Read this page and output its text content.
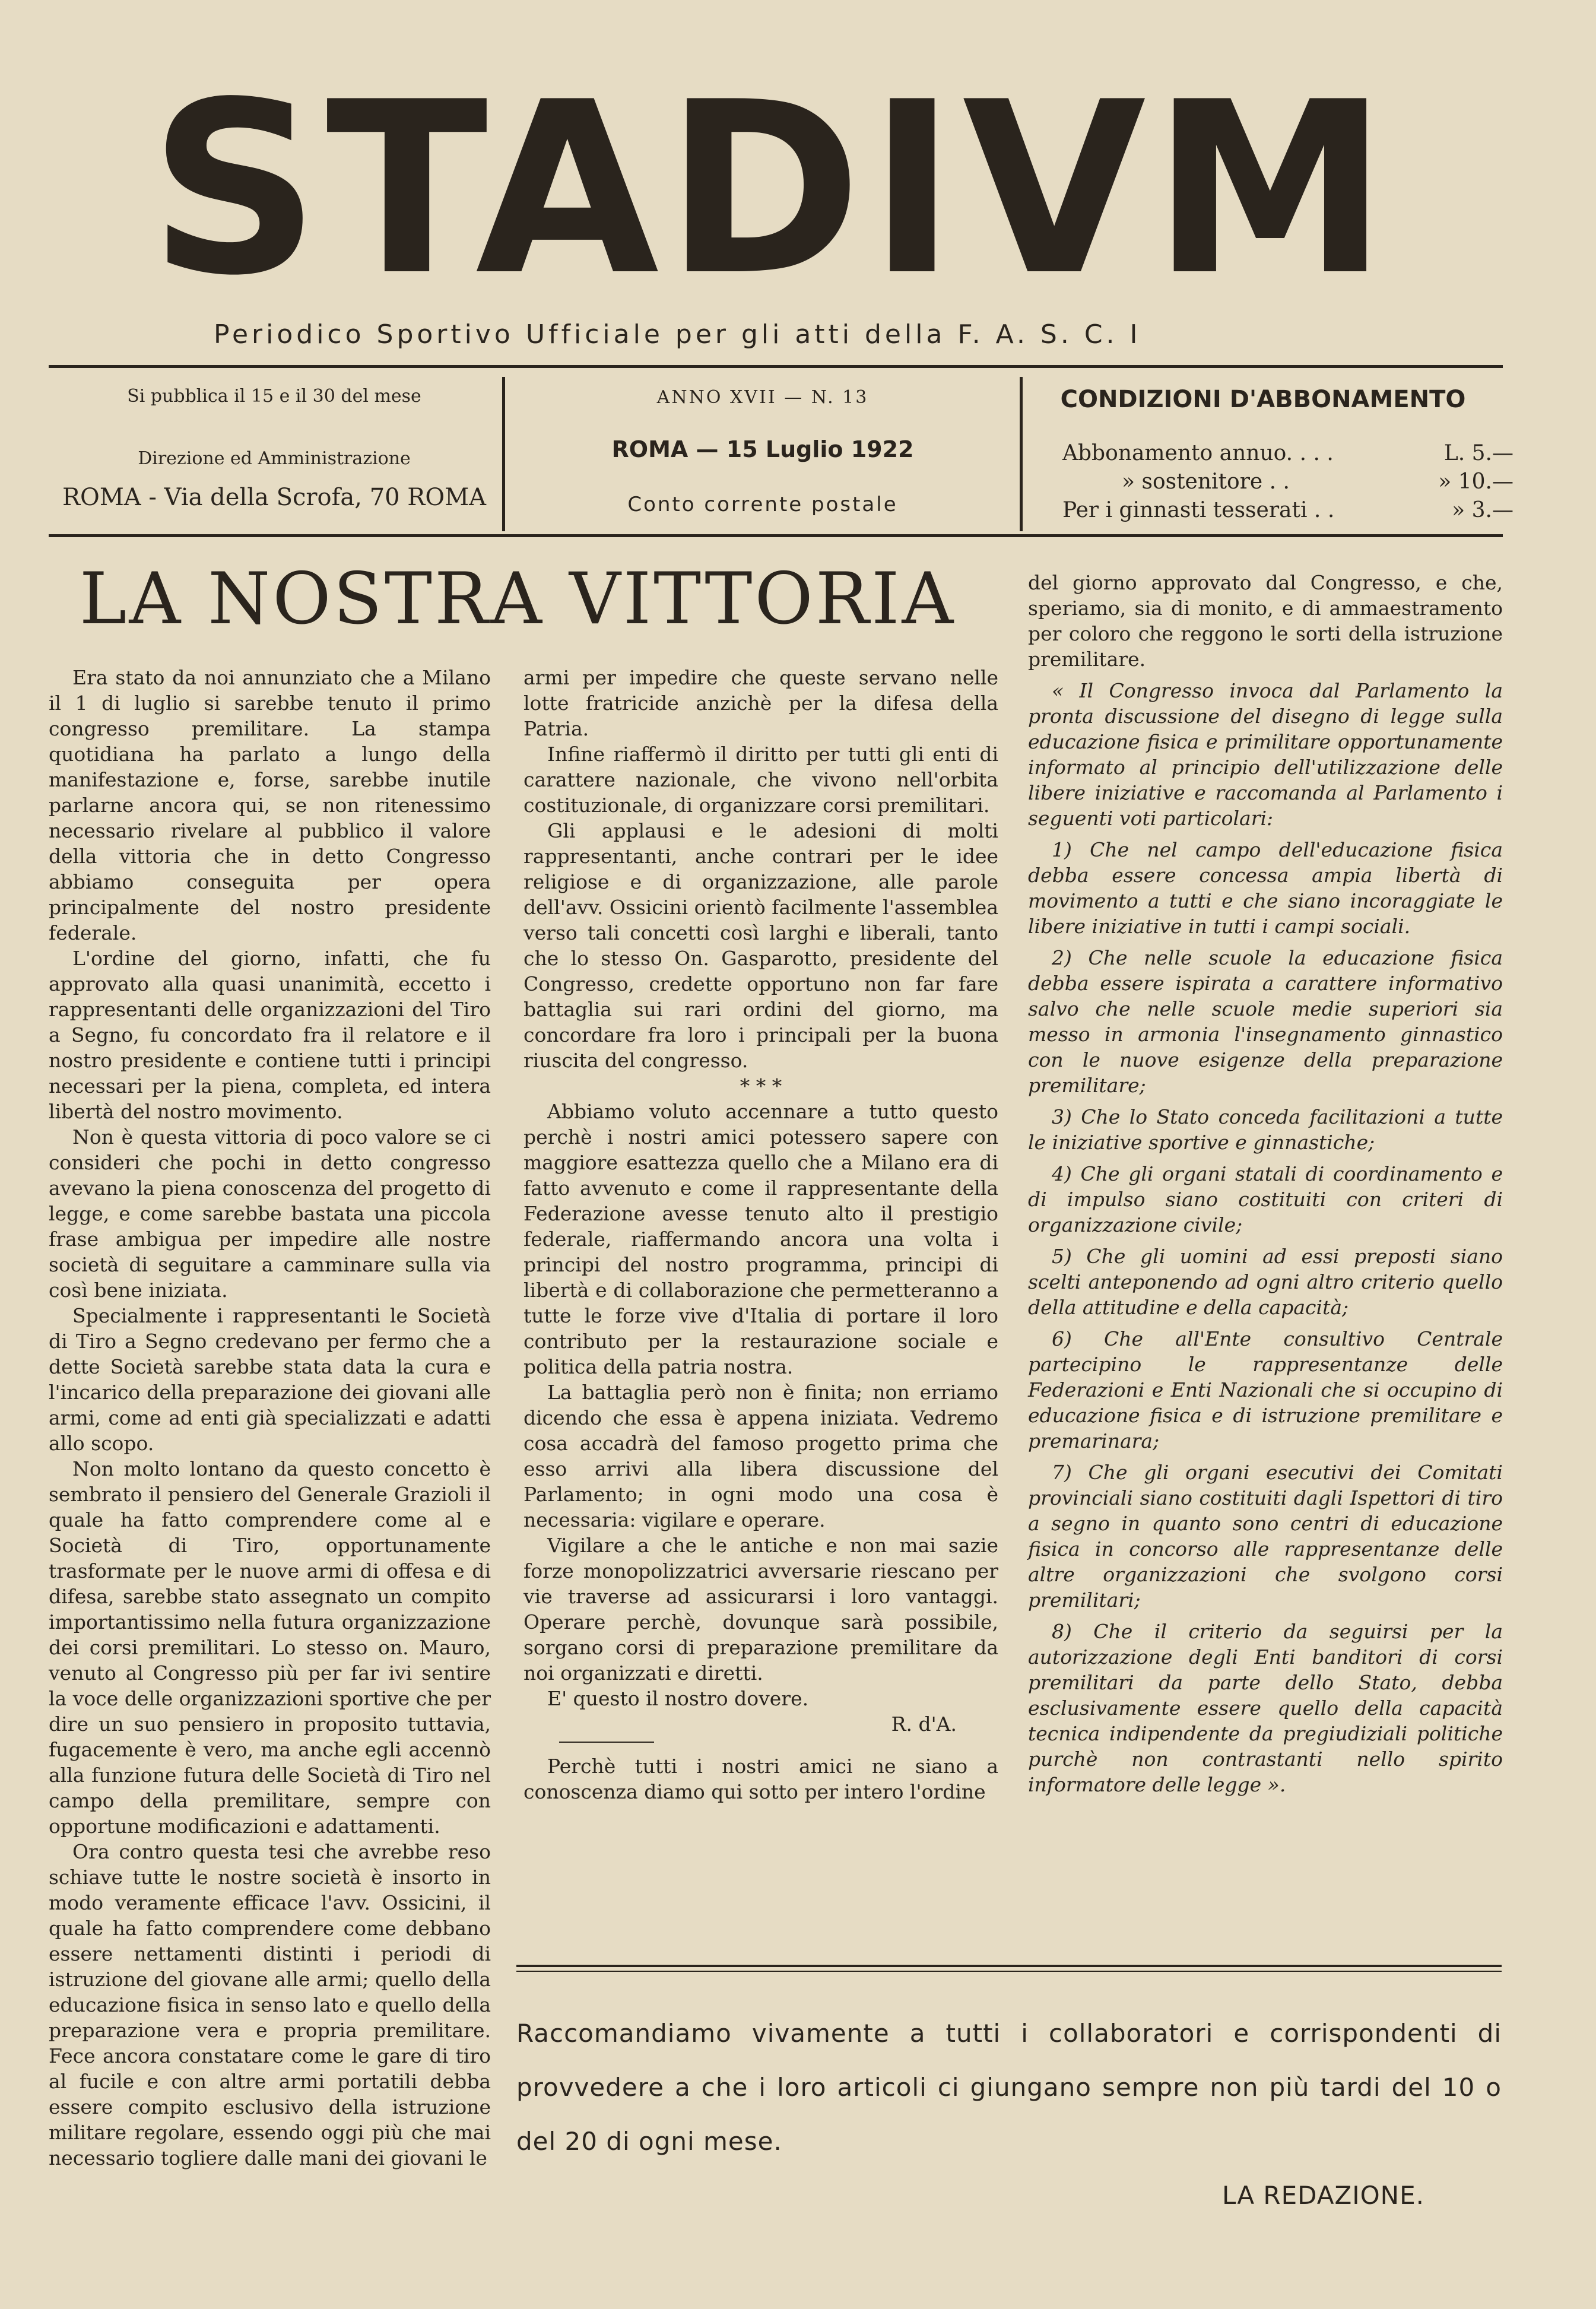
STADIVM
Periodico Sportivo Ufficiale per gli atti della F. A. S. C. I
Si pubblica il 15 e il 30 del mese
Direzione ed Amministrazione
ROMA - Via della Scrofa, 70 ROMA
ANNO XVII — N. 13
ROMA — 15 Luglio 1922
Conto corrente postale
CONDIZIONI D'ABBONAMENTO
Abbonamento annuo. . . .	L. 5.—
» sostenitore . .	» 10.—
Per i ginnasti tesserati . .	» 3.—
LA NOSTRA VITTORIA

Era stato da noi annunziato che a Milano il 1 di luglio si sarebbe tenuto il primo congresso premilitare. La stampa quotidiana ha parlato a lungo della manifestazione e, forse, sarebbe inutile parlarne ancora qui, se non ritenessimo necessario rivelare al pubblico il valore della vittoria che in detto Congresso abbiamo conseguita per opera principalmente del nostro presidente federale.

L'ordine del giorno, infatti, che fu approvato alla quasi unanimità, eccetto i rappresentanti delle organizzazioni del Tiro a Segno, fu concordato fra il relatore e il nostro presidente e contiene tutti i principi necessari per la piena, completa, ed intera libertà del nostro movimento.

Non è questa vittoria di poco valore se ci consideri che pochi in detto congresso avevano la piena conoscenza del progetto di legge, e come sarebbe bastata una piccola frase ambigua per impedire alle nostre società di seguitare a camminare sulla via così bene iniziata.

Specialmente i rappresentanti le Società di Tiro a Segno credevano per fermo che a dette Società sarebbe stata data la cura e l'incarico della preparazione dei giovani alle armi, come ad enti già specializzati e adatti allo scopo.

Non molto lontano da questo concetto è sembrato il pensiero del Generale Grazioli il quale ha fatto comprendere come al e Società di Tiro, opportunamente trasformate per le nuove armi di offesa e di difesa, sarebbe stato assegnato un compito importantissimo nella futura organizzazione dei corsi premilitari. Lo stesso on. Mauro, venuto al Congresso più per far ivi sentire la voce delle organizzazioni sportive che per dire un suo pensiero in proposito tuttavia, fugacemente è vero, ma anche egli accennò alla funzione futura delle Società di Tiro nel campo della premilitare, sempre con opportune modificazioni e adattamenti.

Ora contro questa tesi che avrebbe reso schiave tutte le nostre società è insorto in modo veramente efficace l'avv. Ossicini, il quale ha fatto comprendere come debbano essere nettamenti distinti i periodi di istruzione del giovane alle armi; quello della educazione fisica in senso lato e quello della preparazione vera e propria premilitare. Fece ancora constatare come le gare di tiro al fucile e con altre armi portatili debba essere compito esclusivo della istruzione militare regolare, essendo oggi più che mai necessario togliere dalle mani dei giovani le

armi per impedire che queste servano nelle lotte fratricide anzichè per la difesa della Patria.

Infine riaffermò il diritto per tutti gli enti di carattere nazionale, che vivono nell'orbita costituzionale, di organizzare corsi premilitari.

Gli applausi e le adesioni di molti rappresentanti, anche contrari per le idee religiose e di organizzazione, alle parole dell'avv. Ossicini orientò facilmente l'assemblea verso tali concetti così larghi e liberali, tanto che lo stesso On. Gasparotto, presidente del Congresso, credette opportuno non far fare battaglia sui rari ordini del giorno, ma concordare fra loro i principali per la buona riuscita del congresso.

* * *

Abbiamo voluto accennare a tutto questo perchè i nostri amici potessero sapere con maggiore esattezza quello che a Milano era di fatto avvenuto e come il rappresentante della Federazione avesse tenuto alto il prestigio federale, riaffermando ancora una volta i principi del nostro programma, principi di libertà e di collaborazione che permetteranno a tutte le forze vive d'Italia di portare il loro contributo per la restaurazione sociale e politica della patria nostra.

La battaglia però non è finita; non erriamo dicendo che essa è appena iniziata. Vedremo cosa accadrà del famoso progetto prima che esso arrivi alla libera discussione del Parlamento; in ogni modo una cosa è necessaria: vigilare e operare.

Vigilare a che le antiche e non mai sazie forze monopolizzatrici avversarie riescano per vie traverse ad assicurarsi i loro vantaggi. Operare perchè, dovunque sarà possibile, sorgano corsi di preparazione premilitare da noi organizzati e diretti.

E' questo il nostro dovere.

R. d'A.

Perchè tutti i nostri amici ne siano a conoscenza diamo qui sotto per intero l'ordine

del giorno approvato dal Congresso, e che, speriamo, sia di monito, e di ammaestramento per coloro che reggono le sorti della istruzione premilitare.

« Il Congresso invoca dal Parlamento la pronta discussione del disegno di legge sulla educazione fisica e primilitare opportunamente informato al principio dell'utilizzazione delle libere iniziative e raccomanda al Parlamento i seguenti voti particolari:

1) Che nel campo dell'educazione fisica debba essere concessa ampia libertà di movimento a tutti e che siano incoraggiate le libere iniziative in tutti i campi sociali.

2) Che nelle scuole la educazione fisica debba essere ispirata a carattere informativo salvo che nelle scuole medie superiori sia messo in armonia l'insegnamento ginnastico con le nuove esigenze della preparazione premilitare;

3) Che lo Stato conceda facilitazioni a tutte le iniziative sportive e ginnastiche;

4) Che gli organi statali di coordinamento e di impulso siano costituiti con criteri di organizzazione civile;

5) Che gli uomini ad essi preposti siano scelti anteponendo ad ogni altro criterio quello della attitudine e della capacità;

6) Che all'Ente consultivo Centrale partecipino le rappresentanze delle Federazioni e Enti Nazionali che si occupino di educazione fisica e di istruzione premilitare e premarinara;

7) Che gli organi esecutivi dei Comitati provinciali siano costituiti dagli Ispettori di tiro a segno in quanto sono centri di educazione fisica in concorso alle rappresentanze delle altre organizzazioni che svolgono corsi premilitari;

8) Che il criterio da seguirsi per la autorizzazione degli Enti banditori di corsi premilitari da parte dello Stato, debba esclusivamente essere quello della capacità tecnica indipendente da pregiudiziali politiche purchè non contrastanti nello spirito informatore delle legge ».

Raccomandiamo vivamente a tutti i collaboratori e corrispondenti di provvedere a che i loro articoli ci giungano sempre non più tardi del 10 o del 20 di ogni mese.
LA REDAZIONE.
